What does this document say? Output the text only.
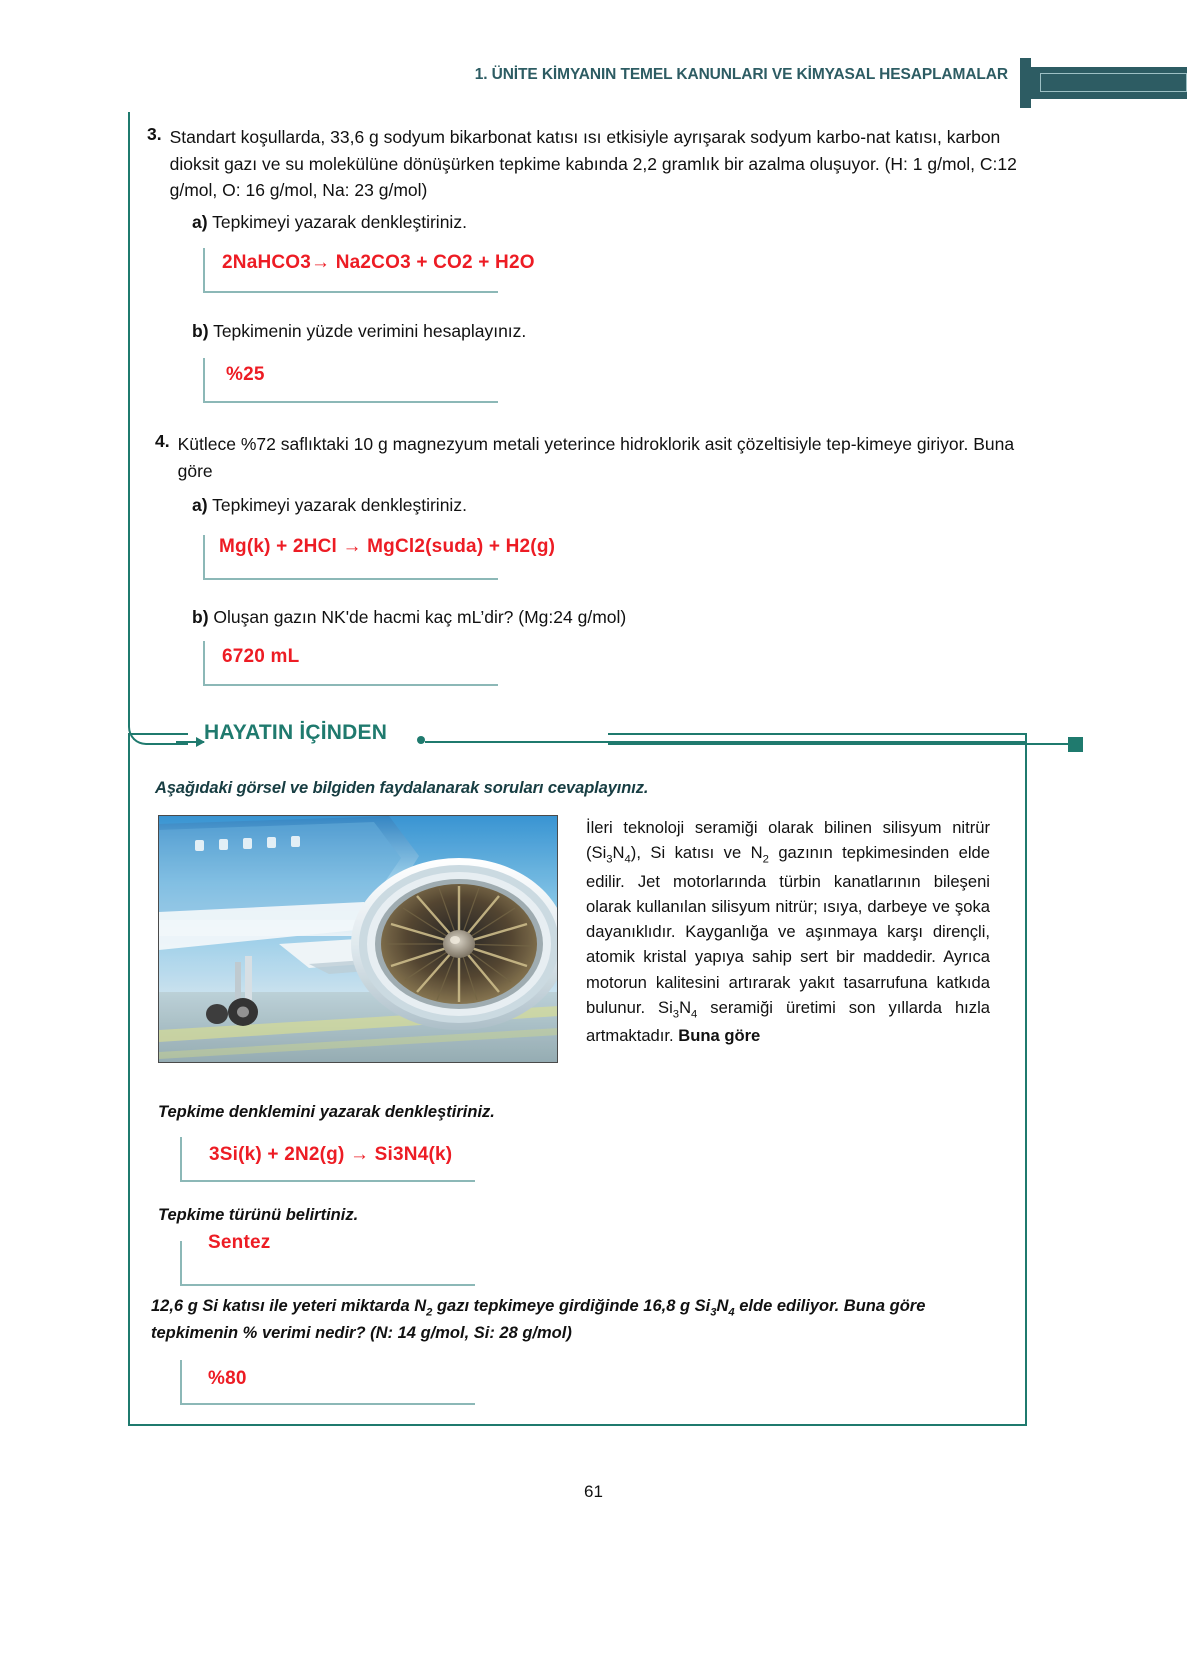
1. ÜNİTE KİMYANIN TEMEL KANUNLARI VE KİMYASAL HESAPLAMALAR
3. Standart koşullarda, 33,6 g sodyum bikarbonat katısı ısı etkisiyle ayrışarak sodyum karbo-nat katısı, karbon dioksit gazı ve su molekülüne dönüşürken tepkime kabında 2,2 gramlık bir azalma oluşuyor. (H: 1 g/mol, C:12 g/mol, O: 16 g/mol, Na: 23 g/mol)
a) Tepkimeyi yazarak denkleştiriniz.
2NaHCO3→ Na2CO3 + CO2 + H2O
b) Tepkimenin yüzde verimini hesaplayınız.
%25
4. Kütlece %72 saflıktaki 10 g magnezyum metali yeterince hidroklorik asit çözeltisiyle tep-kimeye giriyor. Buna göre
a) Tepkimeyi yazarak denkleştiriniz.
Mg(k) + 2HCl → MgCl2(suda) + H2(g)
b) Oluşan gazın NK'de hacmi kaç mL’dir? (Mg:24 g/mol)
6720 mL
HAYATIN İÇİNDEN
Aşağıdaki görsel ve bilgiden faydalanarak soruları cevaplayınız.
İleri teknoloji seramiği olarak bilinen silisyum nitrür $(Si_3N_4)$, Si katısı ve $N_2$ gazının tepkimesinden elde edilir. Jet motorlarında türbin kanatlarının bileşeni olarak kullanılan silisyum nitrür; ısıya, darbeye ve şoka dayanıklıdır. Kayganlığa ve aşınmaya karşı dirençli, atomik kristal yapıya sahip sert bir maddedir. Ayrıca motorun kalitesini artırarak yakıt tasarrufuna katkıda bulunur. $Si_3N_4$ seramiği üretimi son yıllarda hızla artmaktadır. Buna göre
Tepkime denklemini yazarak denkleştiriniz.
3Si(k) + 2N2(g) → Si3N4(k)
Tepkime türünü belirtiniz.
Sentez
12,6 g Si katısı ile yeteri miktarda $N_2$ gazı tepkimeye girdiğinde 16,8 g $Si_3N_4$ elde ediliyor. Buna göre tepkimenin % verimi nedir? (N: 14 g/mol, Si: 28 g/mol)
%80
61
